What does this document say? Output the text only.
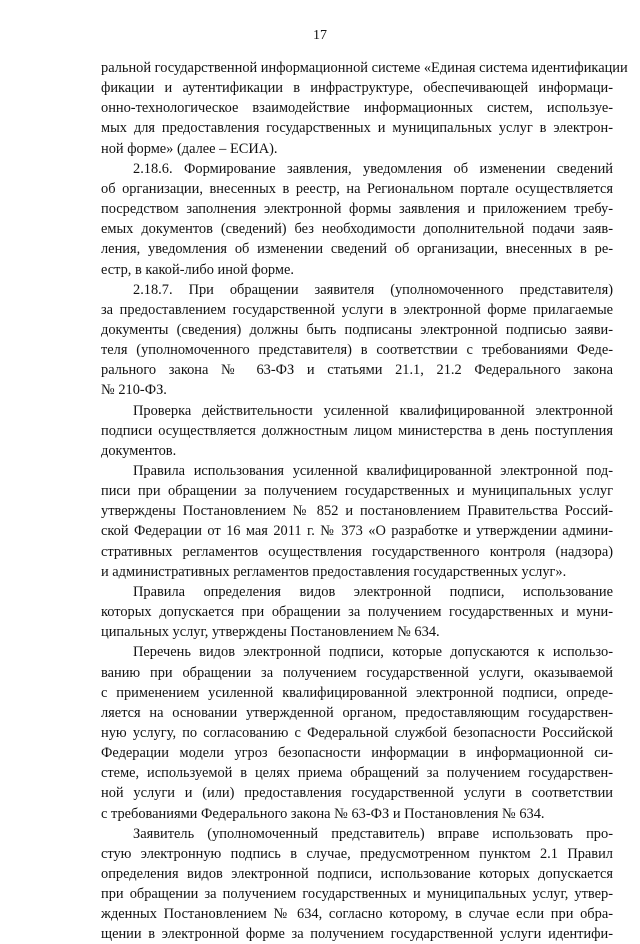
17
ральной государственной информационной системе «Единая система идентификации
фикации и аутентификации в инфраструктуре, обеспечивающей информаци-
онно-технологическое взаимодействие информационных систем, используе-
мых для предоставления государственных и муниципальных услуг в электрон-
ной форме» (далее – ЕСИА).
2.18.6. Формирование заявления, уведомления об изменении сведений
об организации, внесенных в реестр, на Региональном портале осуществляется
посредством заполнения электронной формы заявления и приложением требу-
емых документов (сведений) без необходимости дополнительной подачи заяв-
ления, уведомления об изменении сведений об организации, внесенных в ре-
естр, в какой-либо иной форме.
2.18.7. При обращении заявителя (уполномоченного представителя)
за предоставлением государственной услуги в электронной форме прилагаемые
документы (сведения) должны быть подписаны электронной подписью заяви-
теля (уполномоченного представителя) в соответствии с требованиями Феде-
рального закона № 63-ФЗ и статьями 21.1, 21.2 Федерального закона
№ 210-ФЗ.
Проверка действительности усиленной квалифицированной электронной
подписи осуществляется должностным лицом министерства в день поступления
документов.
Правила использования усиленной квалифицированной электронной под-
писи при обращении за получением государственных и муниципальных услуг
утверждены Постановлением № 852 и постановлением Правительства Россий-
ской Федерации от 16 мая 2011 г. № 373 «О разработке и утверждении админи-
стративных регламентов осуществления государственного контроля (надзора)
и административных регламентов предоставления государственных услуг».
Правила определения видов электронной подписи, использование
которых допускается при обращении за получением государственных и муни-
ципальных услуг, утверждены Постановлением № 634.
Перечень видов электронной подписи, которые допускаются к использо-
ванию при обращении за получением государственной услуги, оказываемой
с применением усиленной квалифицированной электронной подписи, опреде-
ляется на основании утвержденной органом, предоставляющим государствен-
ную услугу, по согласованию с Федеральной службой безопасности Российской
Федерации модели угроз безопасности информации в информационной си-
стеме, используемой в целях приема обращений за получением государствен-
ной услуги и (или) предоставления государственной услуги в соответствии
с требованиями Федерального закона № 63-ФЗ и Постановления № 634.
Заявитель (уполномоченный представитель) вправе использовать про-
стую электронную подпись в случае, предусмотренном пунктом 2.1 Правил
определения видов электронной подписи, использование которых допускается
при обращении за получением государственных и муниципальных услуг, утвер-
жденных Постановлением № 634, согласно которому, в случае если при обра-
щении в электронной форме за получением государственной услуги идентифи-
